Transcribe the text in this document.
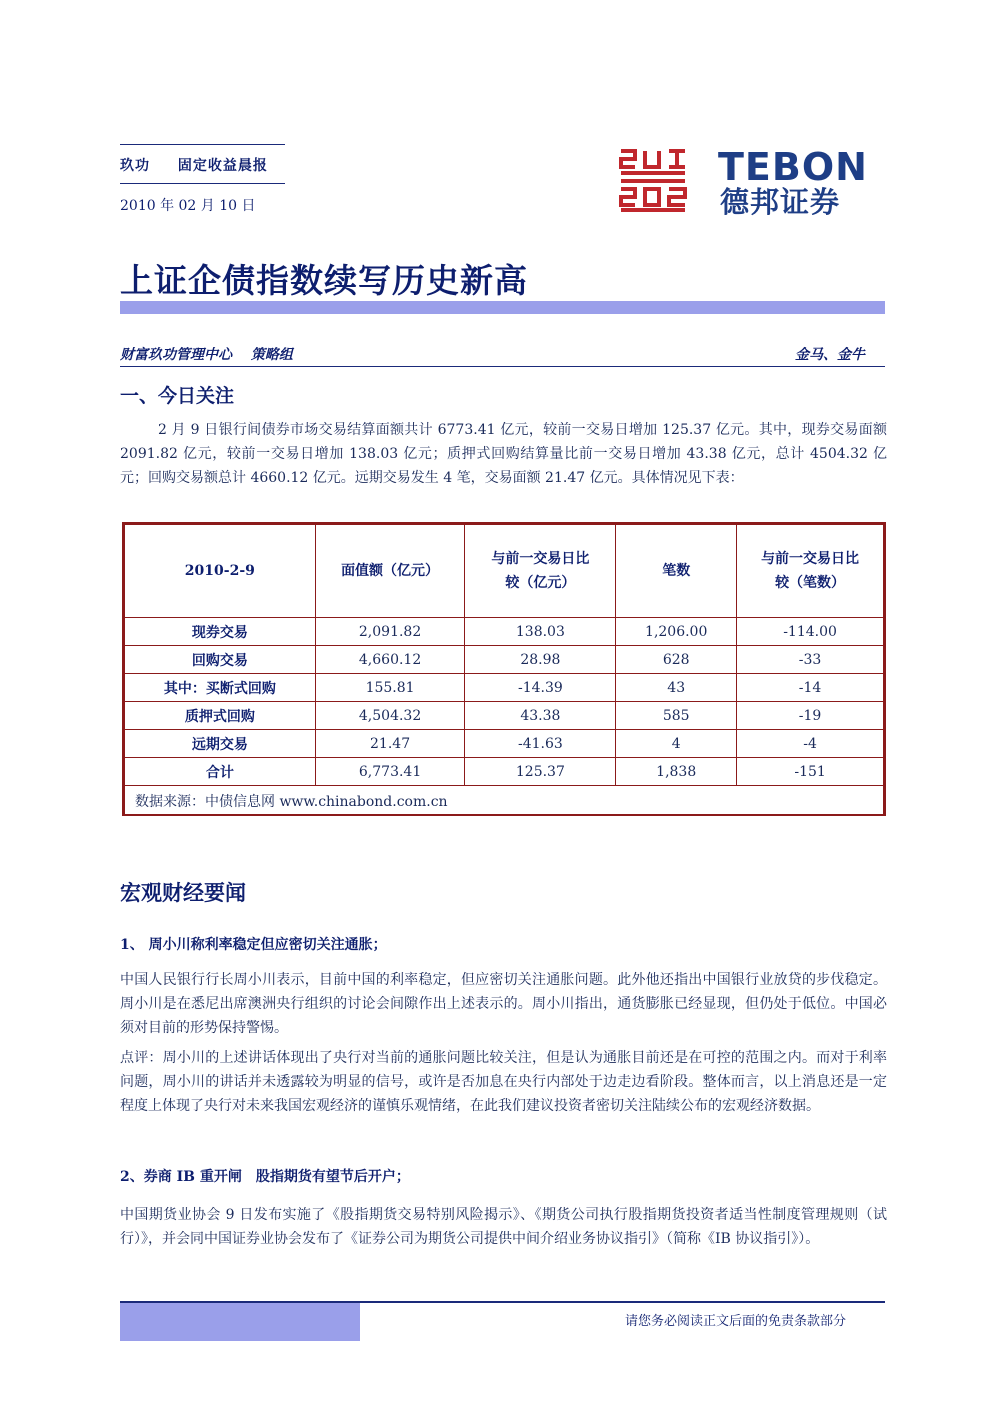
玖功 固定收益晨报
2010 年 02 月 10 日
TEBON
德邦证券
上证企债指数续写历史新高
财富玖功管理中心 策略组	金马、金牛
一、今日关注
2 月 9 日银行间债券市场交易结算面额共计 6773.41 亿元，较前一交易日增加 125.37 亿元。其中，现券交易面额 2091.82 亿元，较前一交易日增加 138.03 亿元；质押式回购结算量比前一交易日增加 43.38 亿元，总计 4504.32 亿元；回购交易额总计 4660.12 亿元。远期交易发生 4 笔，交易面额 21.47 亿元。具体情况见下表：
2010-2-9	面值额（亿元）	与前一交易日比较（亿元）	笔数	与前一交易日比较（笔数）
现券交易	2,091.82	138.03	1,206.00	-114.00
回购交易	4,660.12	28.98	628	-33
其中：买断式回购	155.81	-14.39	43	-14
质押式回购	4,504.32	43.38	585	-19
远期交易	21.47	-41.63	4	-4
合计	6,773.41	125.37	1,838	-151
数据来源：中债信息网 www.chinabond.com.cn				
宏观财经要闻
1、 周小川称利率稳定但应密切关注通胀；
中国人民银行行长周小川表示，目前中国的利率稳定，但应密切关注通胀问题。此外他还指出中国银行业放贷的步伐稳定。周小川是在悉尼出席澳洲央行组织的讨论会间隙作出上述表示的。周小川指出，通货膨胀已经显现，但仍处于低位。中国必须对目前的形势保持警惕。
点评：周小川的上述讲话体现出了央行对当前的通胀问题比较关注，但是认为通胀目前还是在可控的范围之内。而对于利率问题，周小川的讲话并未透露较为明显的信号，或许是否加息在央行内部处于边走边看阶段。整体而言，以上消息还是一定程度上体现了央行对未来我国宏观经济的谨慎乐观情绪，在此我们建议投资者密切关注陆续公布的宏观经济数据。
2、券商 IB 重开闸　股指期货有望节后开户；
中国期货业协会 9 日发布实施了《股指期货交易特别风险揭示》、《期货公司执行股指期货投资者适当性制度管理规则（试行）》，并会同中国证券业协会发布了《证券公司为期货公司提供中间介绍业务协议指引》（简称《IB 协议指引》）。
请您务必阅读正文后面的免责条款部分
